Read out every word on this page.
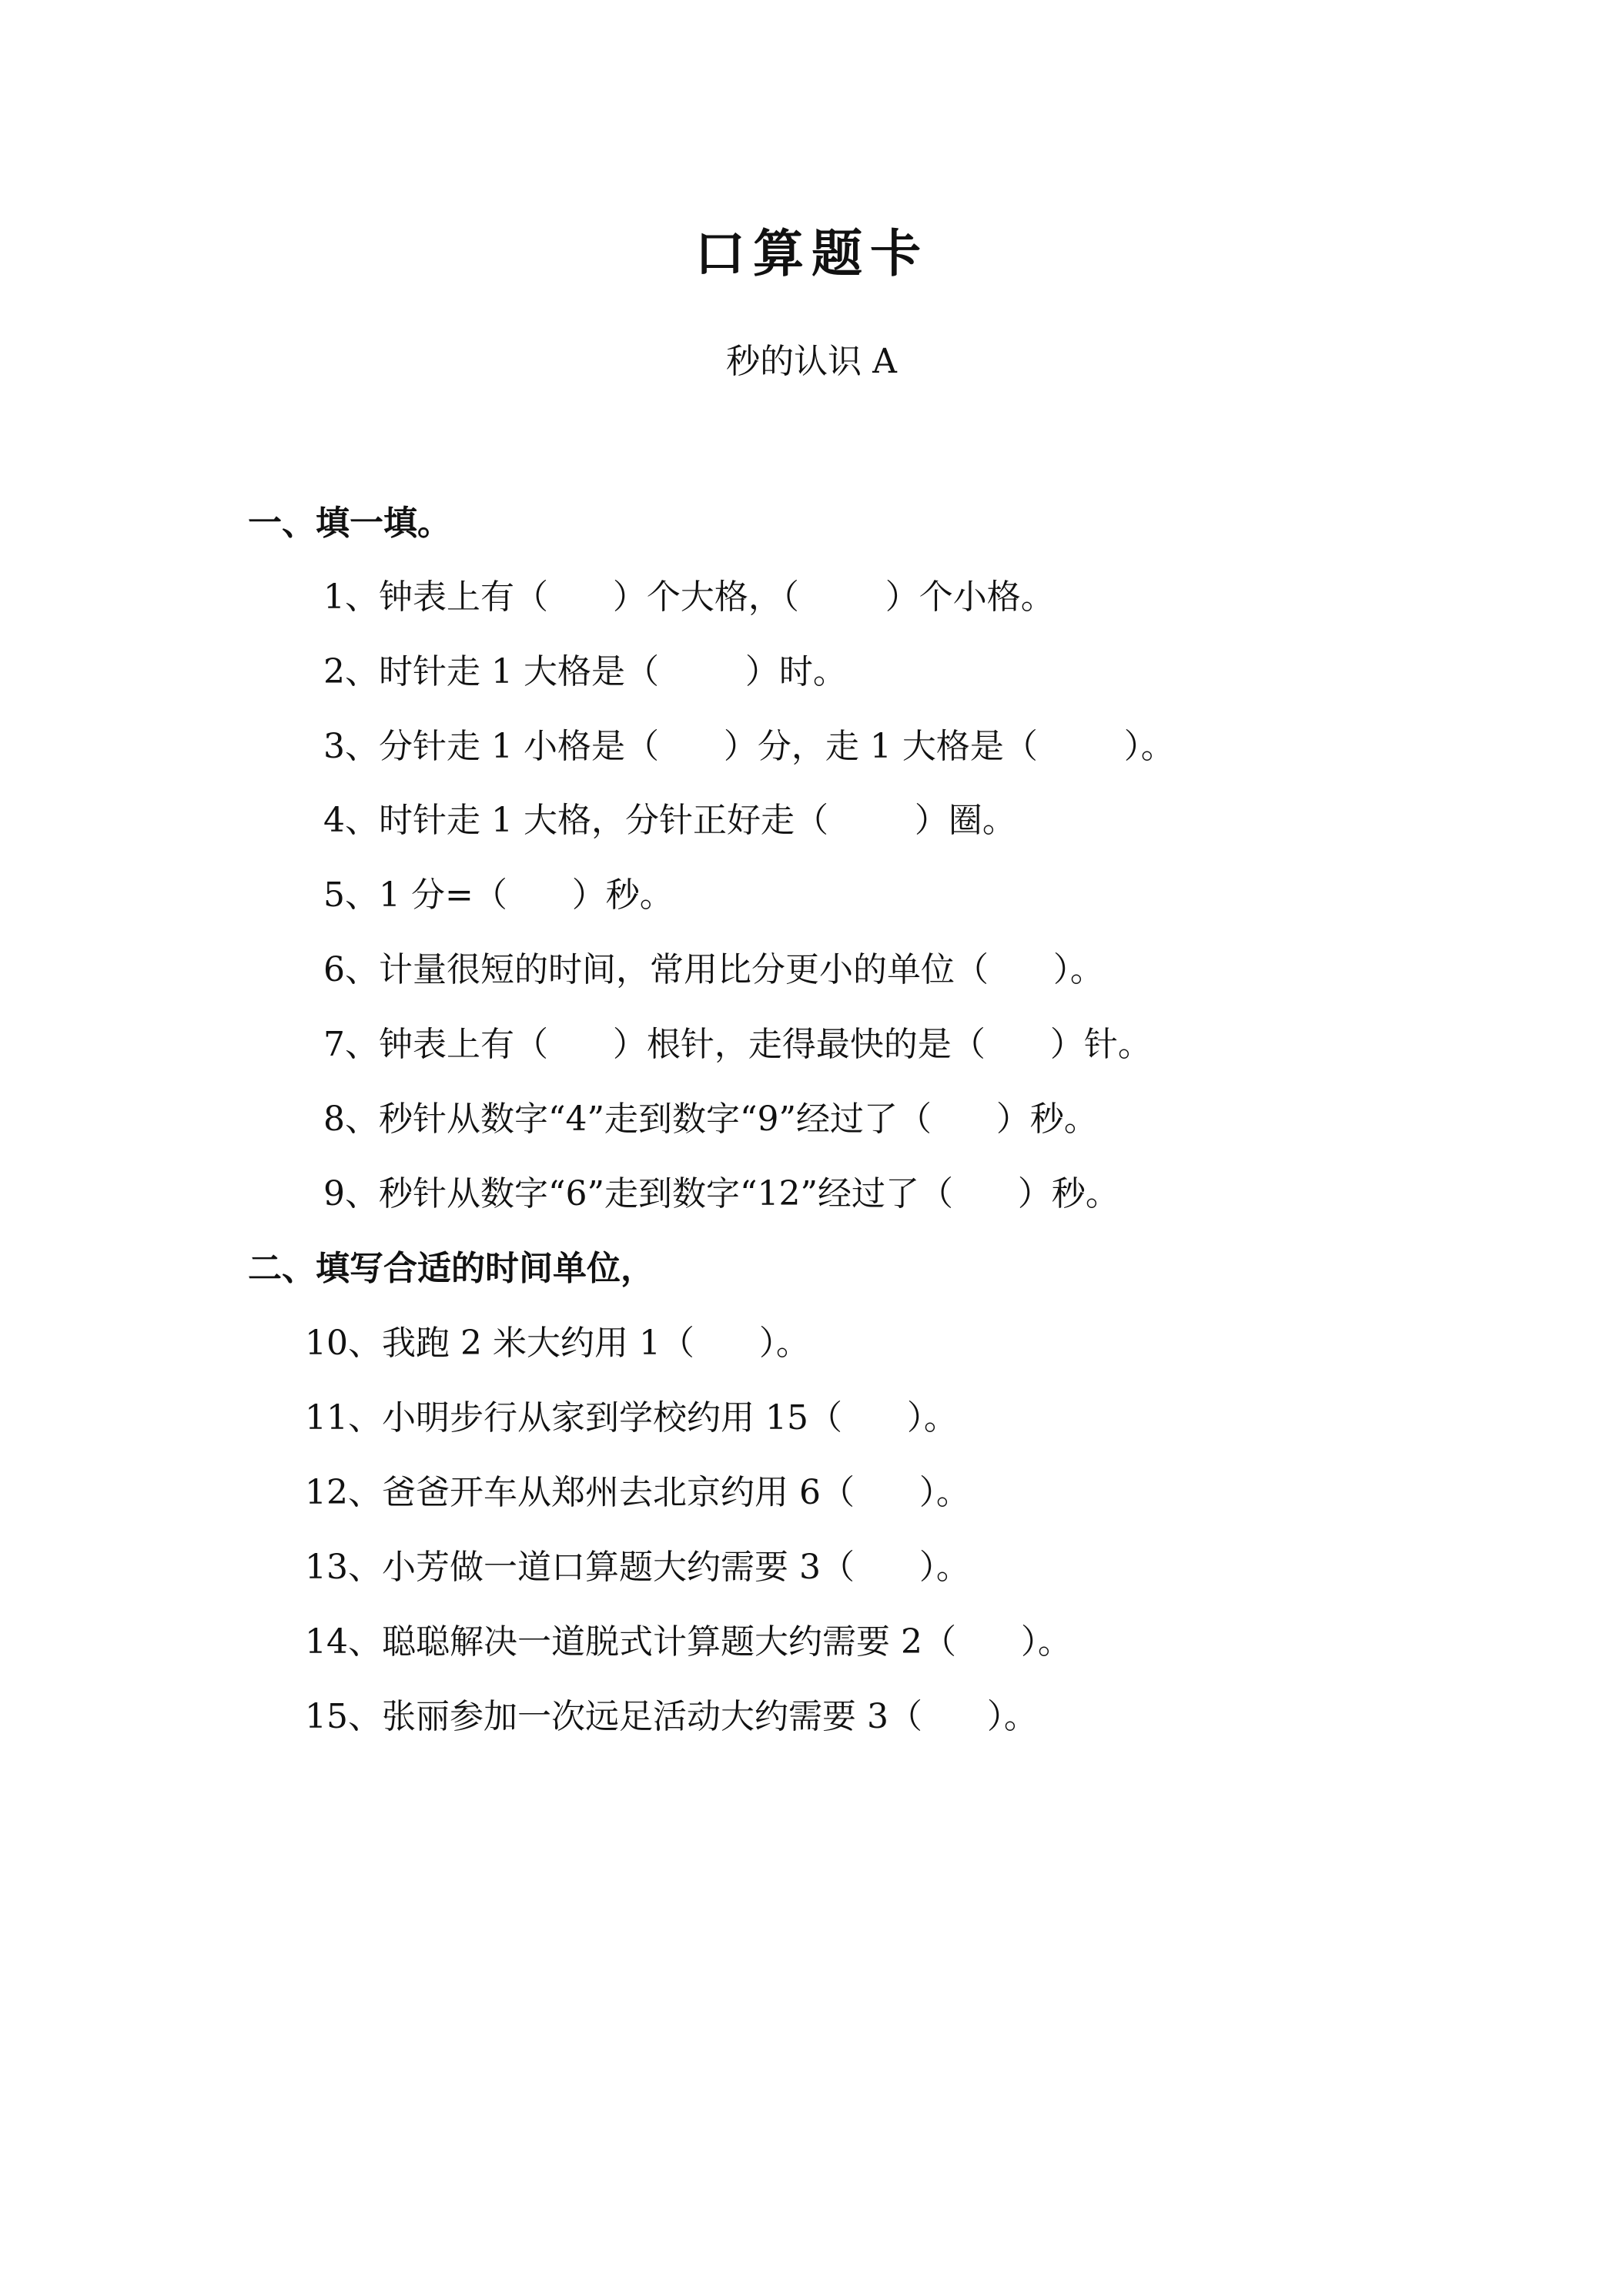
口算题卡
秒的认识 A
一、填一填。
1、钟表上有（      ）个大格，（        ）个小格。
2、时针走 1 大格是（        ）时。
3、分针走 1 小格是（      ）分，走 1 大格是（        ）。
4、时针走 1 大格，分针正好走（        ）圈。
5、1 分=（      ）秒。
6、计量很短的时间，常用比分更小的单位（      ）。
7、钟表上有（      ）根针，走得最快的是（      ）针。
8、秒针从数字“4”走到数字“9”经过了（      ）秒。
9、秒针从数字“6”走到数字“12”经过了（      ）秒。
二、填写合适的时间单位，
10、我跑 2 米大约用 1（      ）。
11、小明步行从家到学校约用 15（      ）。
12、爸爸开车从郑州去北京约用 6（      ）。
13、小芳做一道口算题大约需要 3（      ）。
14、聪聪解决一道脱式计算题大约需要 2（      ）。
15、张丽参加一次远足活动大约需要 3（      ）。
